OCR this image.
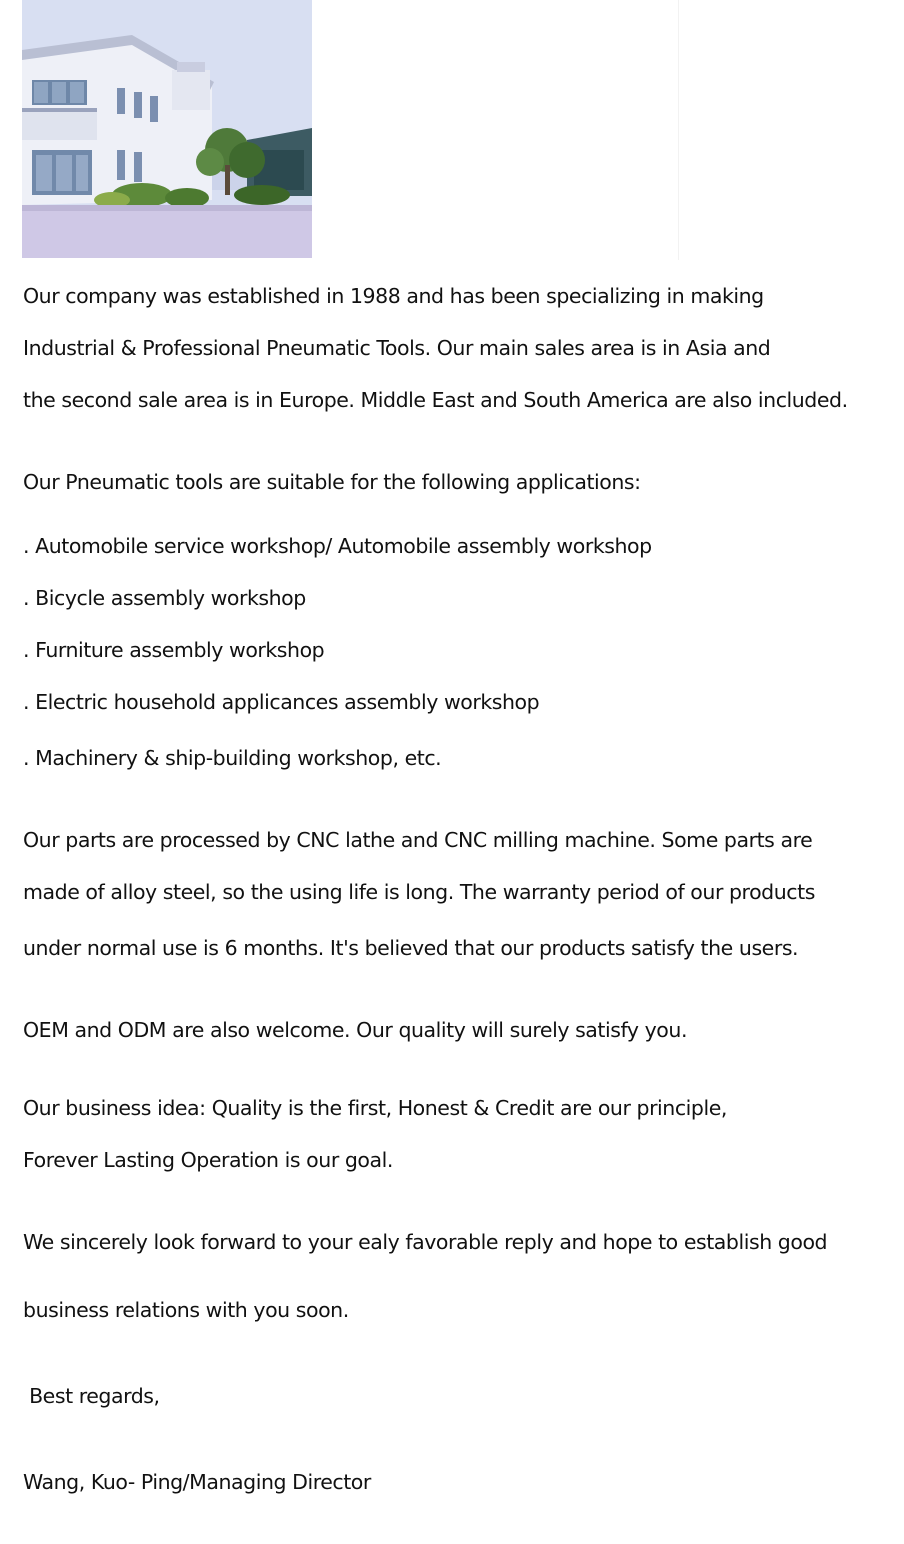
Our company was established in 1988 and has been specializing in making
Industrial & Professional Pneumatic Tools. Our main sales area is in Asia and
the second sale area is in Europe. Middle East and South America are also included.
Our Pneumatic tools are suitable for the following applications:
. Automobile service workshop/ Automobile assembly workshop
. Bicycle assembly workshop
. Furniture assembly workshop
. Electric household applicances assembly workshop
. Machinery & ship-building workshop, etc.
Our parts are processed by CNC lathe and CNC milling machine. Some parts are
made of alloy steel, so the using life is long. The warranty period of our products
under normal use is 6 months. It's believed that our products satisfy the users.
OEM and ODM are also welcome. Our quality will surely satisfy you.
Our business idea: Quality is the first, Honest & Credit are our principle,
Forever Lasting Operation is our goal.
We sincerely look forward to your ealy favorable reply and hope to establish good
business relations with you soon.
Best regards,
Wang, Kuo- Ping/Managing Director
